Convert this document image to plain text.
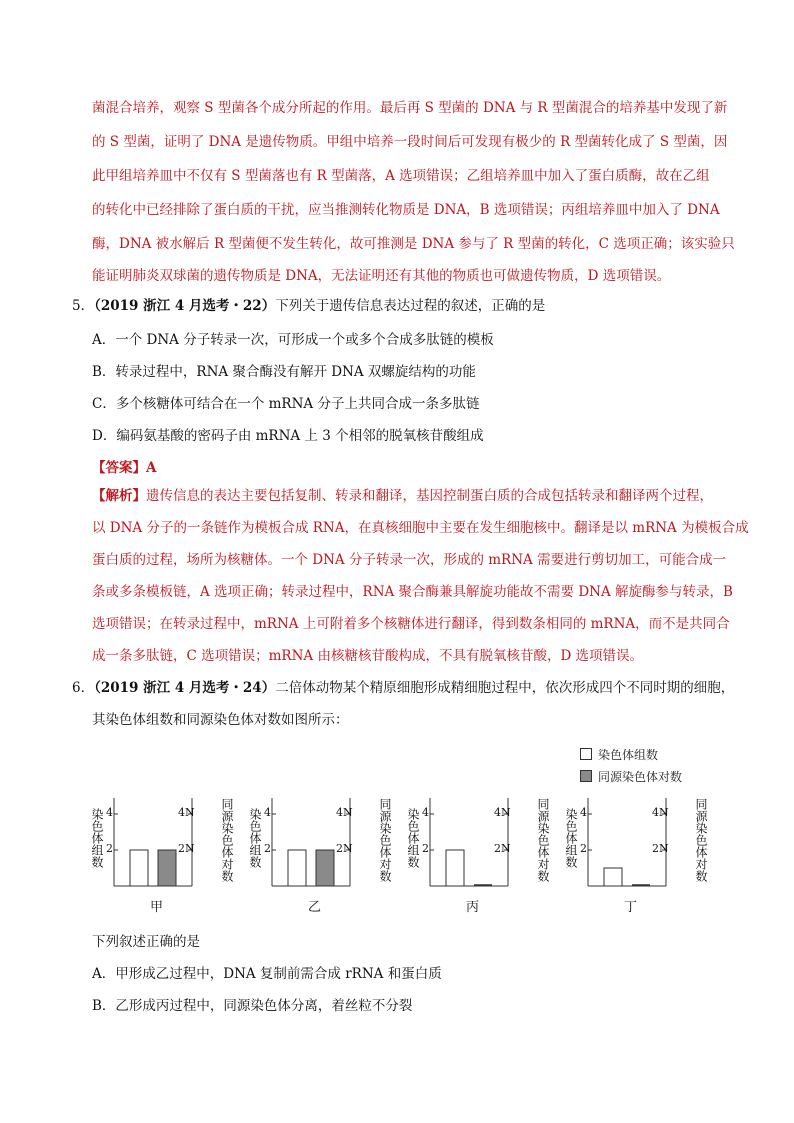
菌混合培养，观察 S 型菌各个成分所起的作用。最后再 S 型菌的 DNA 与 R 型菌混合的培养基中发现了新
的 S 型菌，证明了 DNA 是遗传物质。甲组中培养一段时间后可发现有极少的 R 型菌转化成了 S 型菌，因
此甲组培养皿中不仅有 S 型菌落也有 R 型菌落，A 选项错误；乙组培养皿中加入了蛋白质酶，故在乙组
的转化中已经排除了蛋白质的干扰，应当推测转化物质是 DNA，B 选项错误；丙组培养皿中加入了 DNA
酶，DNA 被水解后 R 型菌便不发生转化，故可推测是 DNA 参与了 R 型菌的转化，C 选项正确；该实验只
能证明肺炎双球菌的遗传物质是 DNA，无法证明还有其他的物质也可做遗传物质，D 选项错误。
5．（2019 浙江 4 月选考・22）下列关于遗传信息表达过程的叙述，正确的是
A．一个 DNA 分子转录一次，可形成一个或多个合成多肽链的模板
B．转录过程中，RNA 聚合酶没有解开 DNA 双螺旋结构的功能
C．多个核糖体可结合在一个 mRNA 分子上共同合成一条多肽链
D．编码氨基酸的密码子由 mRNA 上 3 个相邻的脱氧核苷酸组成
【答案】A
【解析】遗传信息的表达主要包括复制、转录和翻译，基因控制蛋白质的合成包括转录和翻译两个过程，
以 DNA 分子的一条链作为模板合成 RNA，在真核细胞中主要在发生细胞核中。翻译是以 mRNA 为模板合成
蛋白质的过程，场所为核糖体。一个 DNA 分子转录一次，形成的 mRNA 需要进行剪切加工，可能合成一
条或多条模板链，A 选项正确；转录过程中，RNA 聚合酶兼具解旋功能故不需要 DNA 解旋酶参与转录，B
选项错误；在转录过程中，mRNA 上可附着多个核糖体进行翻译，得到数条相同的 mRNA，而不是共同合
成一条多肽链，C 选项错误；mRNA 由核糖核苷酸构成，不具有脱氧核苷酸，D 选项错误。
6．（2019 浙江 4 月选考・24）二倍体动物某个精原细胞形成精细胞过程中，依次形成四个不同时期的细胞，
其染色体组数和同源染色体对数如图所示：
染色体组数
同源染色体对数
染色体组数	同源染色体对数
2
4
2N
4N
甲
染色体组数	同源染色体对数
2
4
2N
4N
乙
染色体组数	同源染色体对数
2
4
2N
4N
丙
染色体组数	同源染色体对数
2
4
2N
4N
丁
下列叙述正确的是
A．甲形成乙过程中，DNA 复制前需合成 rRNA 和蛋白质
B．乙形成丙过程中，同源染色体分离，着丝粒不分裂
